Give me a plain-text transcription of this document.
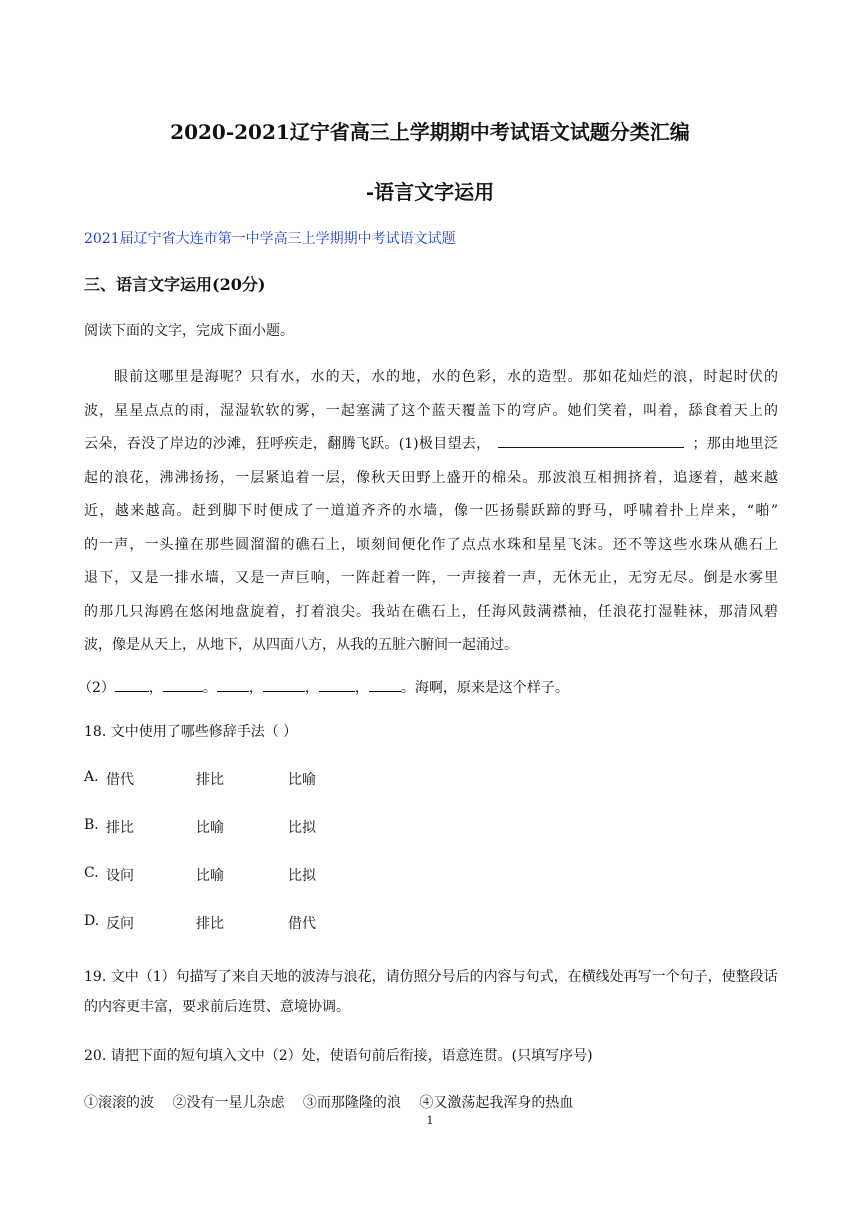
2020-2021辽宁省高三上学期期中考试语文试题分类汇编
-语言文字运用
2021届辽宁省大连市第一中学高三上学期期中考试语文试题
三、语言文字运用(20分)
阅读下面的文字，完成下面小题。
眼前这哪里是海呢？只有水，水的天，水的地，水的色彩，水的造型。那如花灿烂的浪，时起时伏的
波，星星点点的雨，湿湿软软的雾，一起塞满了这个蓝天覆盖下的穹庐。她们笑着，叫着，舔食着天上的
云朵，吞没了岸边的沙滩，狂呼疾走，翻腾飞跃。(1)极目望去，	；那由地里泛
起的浪花，沸沸扬扬，一层紧追着一层，像秋天田野上盛开的棉朵。那波浪互相拥挤着，追逐着，越来越
近，越来越高。赶到脚下时便成了一道道齐齐的水墙，像一匹扬鬃跃蹄的野马，呼啸着扑上岸来，“啪”
的一声，一头撞在那些圆溜溜的礁石上，顷刻间便化作了点点水珠和星星飞沫。还不等这些水珠从礁石上
退下，又是一排水墙，又是一声巨响，一阵赶着一阵，一声接着一声，无休无止，无穷无尽。倒是水雾里
的那几只海鸥在悠闲地盘旋着，打着浪尖。我站在礁石上，任海风鼓满襟袖，任浪花打湿鞋袜，那清风碧
波，像是从天上，从地下，从四面八方，从我的五脏六腑间一起涌过。
（2） ，	。 ，	，	， 。海啊，原来是这个样子。
18. 文中使用了哪些修辞手法（ ）
A. 借代	排比	比喻
B. 排比	比喻	比拟
C. 设问	比喻	比拟
D. 反问	排比	借代
19. 文中（1）句描写了来自天地的波涛与浪花，请仿照分号后的内容与句式，在横线处再写一个句子，使整段话的内容更丰富，要求前后连贯、意境协调。
20. 请把下面的短句填入文中（2）处，使语句前后衔接，语意连贯。(只填写序号)
①滚滚的波 ②没有一星儿杂虑 ③而那隆隆的浪 ④又激荡起我浑身的热血
1
